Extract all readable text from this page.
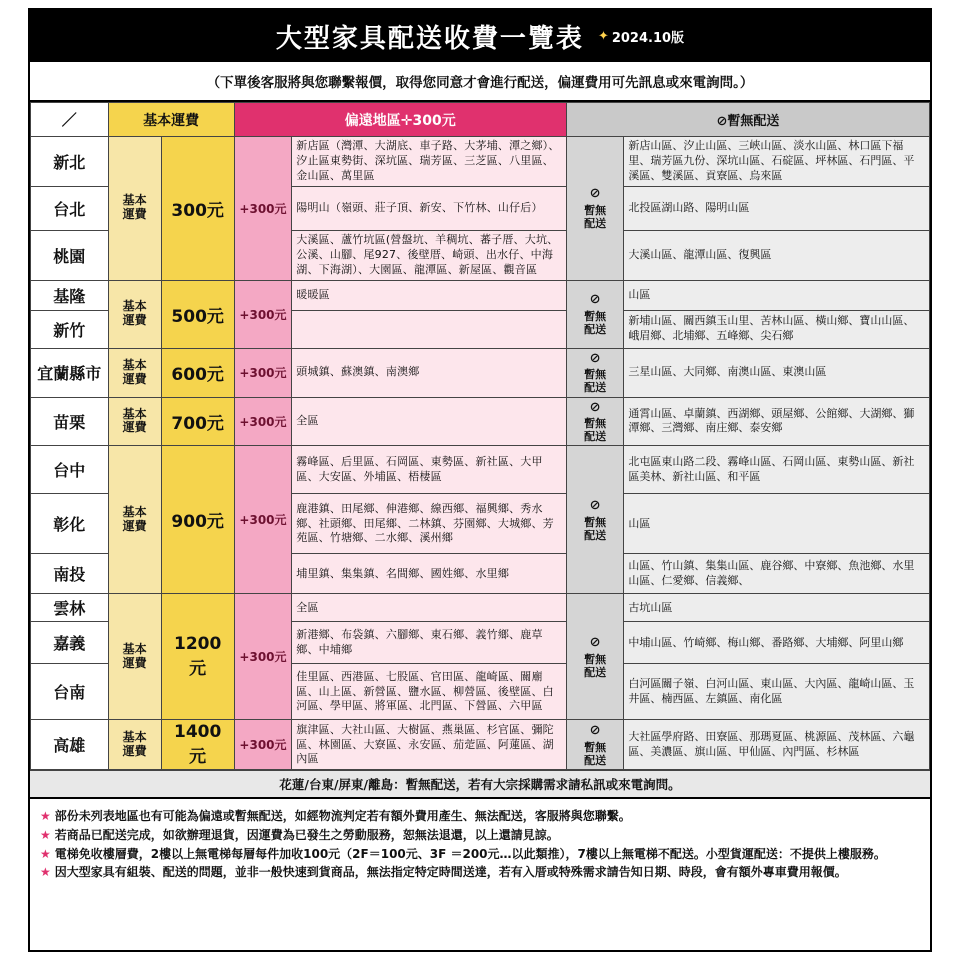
大型家具配送收費一覽表 ✦ 2024.10版
（下單後客服將與您聯繫報價，取得您同意才會進行配送，偏運費用可先訊息或來電詢問。）
／	基本運費		偏遠地區✛300元		⊘暫無配送	
新北	基本
運費	300元	+300元	新店區（灣潭、大湖底、車子路、大茅埔、潭之鄉）、汐止區東勢街、深坑區、瑞芳區、三芝區、八里區、金山區、萬里區	⊘
暫無
配送	新店山區、汐止山區、三峽山區、淡水山區、林口區下福里、瑞芳區九份、深坑山區、石碇區、坪林區、石門區、平溪區、雙溪區、貢寮區、烏來區
台北				陽明山（嶺頭、莊子頂、新安、下竹林、山仔后）		北投區湖山路、陽明山區
桃園				大溪區、蘆竹坑區(營盤坑、羊稠坑、蕃子厝、大坑、公溪、山腳、尾927、後壁厝、崎頭、出水仔、中海湖、下海湖）、大園區、龍潭區、新屋區、觀音區		大溪山區、龍潭山區、復興區
基隆	基本
運費	500元	+300元	暖暖區	⊘
暫無
配送	山區
新竹						新埔山區、關西鎮玉山里、苦林山區、橫山鄉、寶山山區、峨眉鄉、北埔鄉、五峰鄉、尖石鄉
宜蘭縣市	基本
運費	600元	+300元	頭城鎮、蘇澳鎮、南澳鄉	⊘
暫無
配送	三星山區、大同鄉、南澳山區、東澳山區
苗栗	基本
運費	700元	+300元	全區	⊘
暫無
配送	通霄山區、卓蘭鎮、西湖鄉、頭屋鄉、公館鄉、大湖鄉、獅潭鄉、三灣鄉、南庄鄉、泰安鄉
台中	基本
運費	900元	+300元	霧峰區、后里區、石岡區、東勢區、新社區、大甲區、大安區、外埔區、梧棲區	⊘
暫無
配送	北屯區東山路二段、霧峰山區、石岡山區、東勢山區、新社區美林、新社山區、和平區
彰化				鹿港鎮、田尾鄉、伸港鄉、線西鄉、福興鄉、秀水鄉、社頭鄉、田尾鄉、二林鎮、芬園鄉、大城鄉、芳苑區、竹塘鄉、二水鄉、溪州鄉		山區
南投				埔里鎮、集集鎮、名間鄉、國姓鄉、水里鄉		山區、竹山鎮、集集山區、鹿谷鄉、中寮鄉、魚池鄉、水里山區、仁愛鄉、信義鄉、
雲林	基本
運費	1200元	+300元	全區	⊘
暫無
配送	古坑山區
嘉義				新港鄉、布袋鎮、六腳鄉、東石鄉、義竹鄉、鹿草鄉、中埔鄉		中埔山區、竹崎鄉、梅山鄉、番路鄉、大埔鄉、阿里山鄉
台南				佳里區、西港區、七股區、官田區、龍崎區、關廟區、山上區、新營區、鹽水區、柳營區、後壁區、白河區、學甲區、將軍區、北門區、下營區、六甲區		白河區關子嶺、白河山區、東山區、大內區、龍崎山區、玉井區、楠西區、左鎮區、南化區
高雄	基本
運費	1400元	+300元	旗津區、大社山區、大樹區、燕巢區、杉官區、彌陀區、林園區、大寮區、永安區、茄萣區、阿蓮區、湖內區	⊘
暫無
配送	大社區學府路、田寮區、那瑪夏區、桃源區、茂林區、六龜區、美濃區、旗山區、甲仙區、內門區、杉林區
花蓮/台東/屏東/離島：暫無配送，若有大宗採購需求請私訊或來電詢問。
★ 部份未列表地區也有可能為偏遠或暫無配送，如經物流判定若有額外費用產生、無法配送，客服將與您聯繫。
★ 若商品已配送完成，如欲辦理退貨，因運費為已發生之勞動服務，恕無法退還，以上還請見諒。
★ 電梯免收樓層費，2樓以上無電梯每層每件加收100元（2F＝100元、3F ＝200元…以此類推），7樓以上無電梯不配送。小型貨運配送：不提供上樓服務。
★ 因大型家具有組裝、配送的問題，並非一般快速到貨商品，無法指定特定時間送達，若有入厝或特殊需求請告知日期、時段，會有額外專車費用報價。
